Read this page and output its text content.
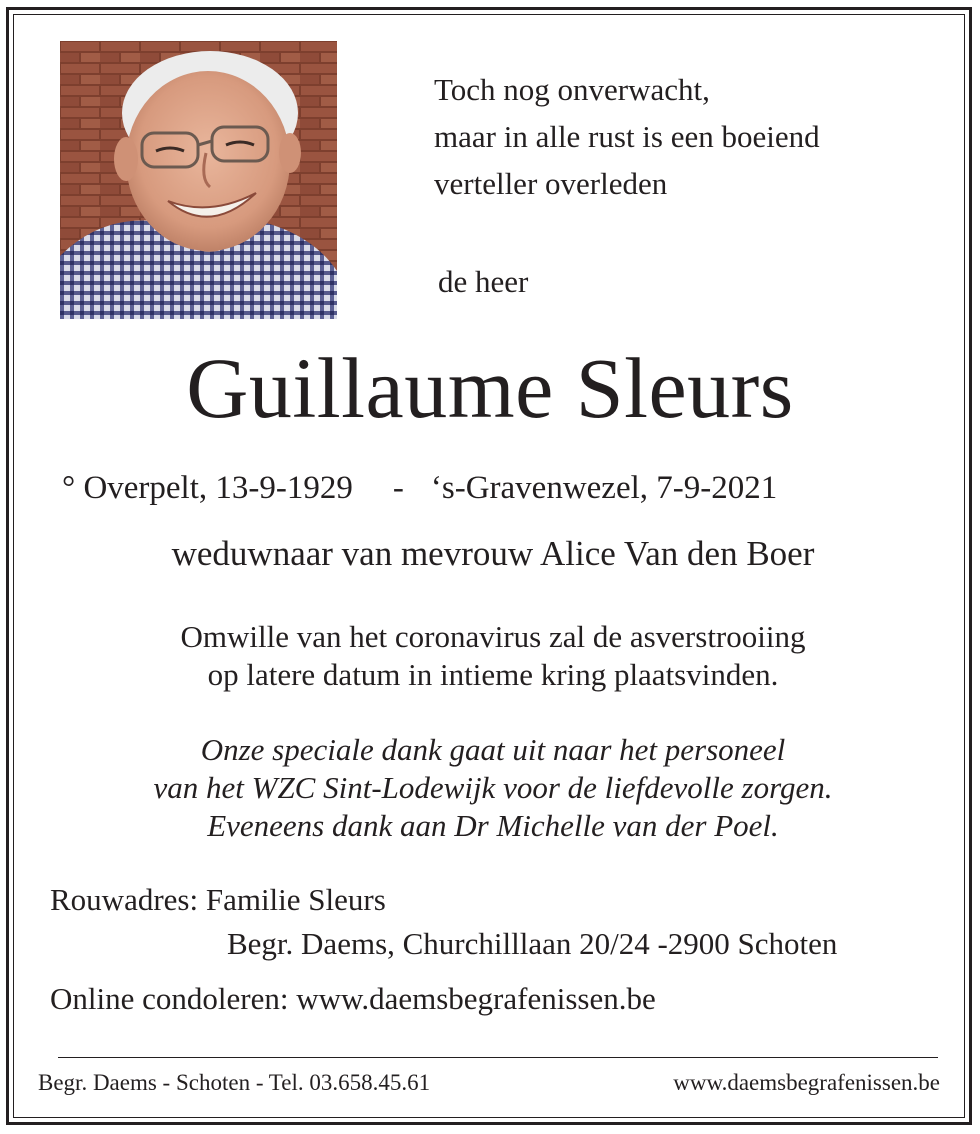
Toch nog onverwacht,
maar in alle rust is een boeiend
verteller overleden
de heer
Guillaume Sleurs
° Overpelt, 13-9-1929 - ‘s-Gravenwezel, 7-9-2021
weduwnaar van mevrouw Alice Van den Boer
Omwille van het coronavirus zal de asverstrooiing
op latere datum in intieme kring plaatsvinden.
Onze speciale dank gaat uit naar het personeel
van het WZC Sint-Lodewijk voor de liefdevolle zorgen.
Eveneens dank aan Dr Michelle van der Poel.
Rouwadres: Familie Sleurs
Begr. Daems, Churchilllaan 20/24 -2900 Schoten
Online condoleren: www.daemsbegrafenissen.be
Begr. Daems - Schoten - Tel. 03.658.45.61	www.daemsbegrafenissen.be
